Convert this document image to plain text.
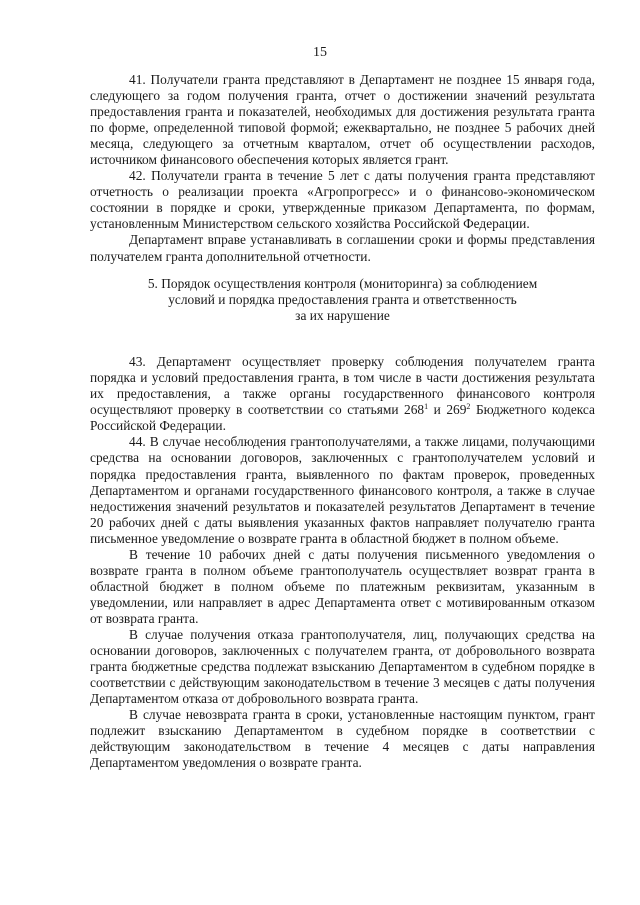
15

41. Получатели гранта представляют в Департамент не позднее 15 января года, следующего за годом получения гранта, отчет о достижении значений результата предоставления гранта и показателей, необходимых для достижения результата гранта по форме, определенной типовой формой; ежеквартально, не позднее 5 рабочих дней месяца, следующего за отчетным кварталом, отчет об осуществлении расходов, источником финансового обеспечения которых является грант.

42. Получатели гранта в течение 5 лет с даты получения гранта представляют отчетность о реализации проекта «Агропрогресс» и о финансово-экономическом состоянии в порядке и сроки, утвержденные приказом Департамента, по формам, установленным Министерством сельского хозяйства Российской Федерации.

Департамент вправе устанавливать в соглашении сроки и формы представления получателем гранта дополнительной отчетности.

5. Порядок осуществления контроля (мониторинга) за соблюдением
условий и порядка предоставления гранта и ответственность
за их нарушение

43. Департамент осуществляет проверку соблюдения получателем гранта порядка и условий предоставления гранта, в том числе в части достижения результата их предоставления, а также органы государственного финансового контроля осуществляют проверку в соответствии со статьями $268^1$ и $269^2$ Бюджетного кодекса Российской Федерации.

44. В случае несоблюдения грантополучателями, а также лицами, получающими средства на основании договоров, заключенных с грантополучателем условий и порядка предоставления гранта, выявленного по фактам проверок, проведенных Департаментом и органами государственного финансового контроля, а также в случае недостижения значений результатов и показателей результатов Департамент в течение 20 рабочих дней с даты выявления указанных фактов направляет получателю гранта письменное уведомление о возврате гранта в областной бюджет в полном объеме.

В течение 10 рабочих дней с даты получения письменного уведомления о возврате гранта в полном объеме грантополучатель осуществляет возврат гранта в областной бюджет в полном объеме по платежным реквизитам, указанным в уведомлении, или направляет в адрес Департамента ответ с мотивированным отказом от возврата гранта.

В случае получения отказа грантополучателя, лиц, получающих средства на основании договоров, заключенных с получателем гранта, от добровольного возврата гранта бюджетные средства подлежат взысканию Департаментом в судебном порядке в соответствии с действующим законодательством в течение 3 месяцев с даты получения Департаментом отказа от добровольного возврата гранта.

В случае невозврата гранта в сроки, установленные настоящим пунктом, грант подлежит взысканию Департаментом в судебном порядке в соответствии с действующим законодательством в течение 4 месяцев с даты направления Департаментом уведомления о возврате гранта.
